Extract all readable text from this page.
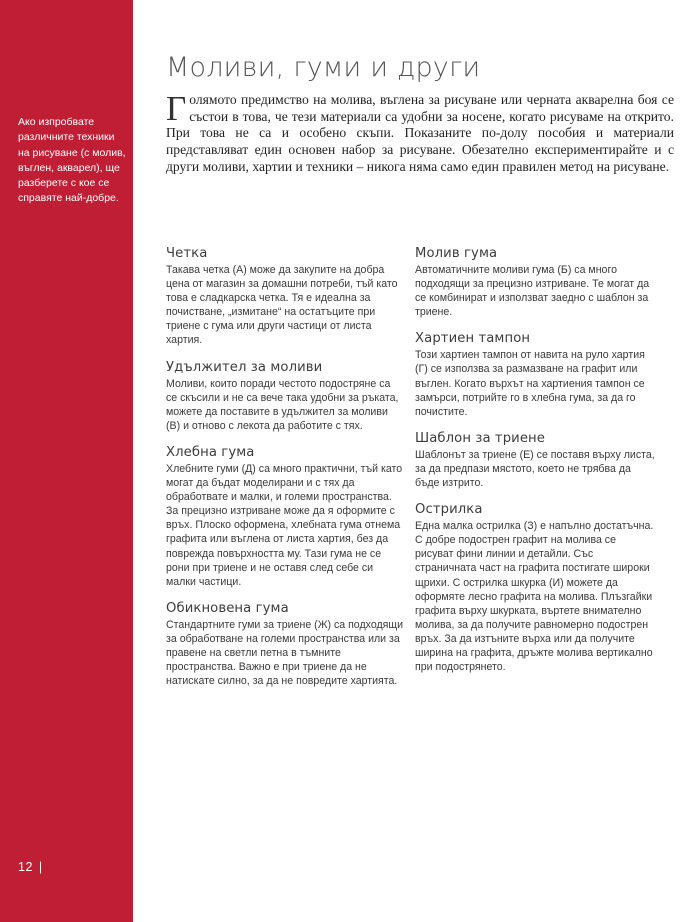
Ако изпробвате различните техники на рисуване (с молив, въглен, акварел), ще разберете с кое се справяте най-добре.
12 |
Моливи, гуми и други
Голямото предимство на молива, въглена за рисуване или черната акварелна боя се състои в това, че тези материали са удобни за носене, когато рисуваме на открито. При това не са и особено скъпи. Показаните по-долу пособия и материали представляват един основен набор за рисуване. Обезателно експериментирайте и с други моливи, хартии и техники – никога няма само един правилен метод на рисуване.
Четка

Такава четка (А) може да закупите на добра цена от магазин за домашни потреби, тъй като това е сладкарска четка. Тя е идеална за почистване, „измитане“ на остатъците при триене с гума или други частици от листа хартия.

Удължител за моливи

Моливи, които поради честото подостряне са се скъсили и не са вече така удобни за ръката, можете да поставите в удължител за моливи (В) и отново с лекота да работите с тях.

Хлебна гума

Хлебните гуми (Д) са много практични, тъй като могат да бъдат моделирани и с тях да обработвате и малки, и големи пространства. За прецизно изтриване може да я оформите с връх. Плоско оформена, хлебната гума отнема графита или въглена от листа хартия, без да поврежда повърхността му. Тази гума не се рони при триене и не оставя след себе си малки частици.

Обикновена гума

Стандартните гуми за триене (Ж) са подходящи за обработване на големи пространства или за правене на светли петна в тъмните пространства. Важно е при триене да не натискате силно, за да не повредите хартията.

Молив гума

Автоматичните моливи гума (Б) са много подходящи за прецизно изтриване. Те могат да се комбинират и използват заедно с шаблон за триене.

Хартиен тампон

Този хартиен тампон от навита на руло хартия (Г) се използва за размазване на графит или въглен. Когато върхът на хартиения тампон се замърси, потрийте го в хлебна гума, за да го почистите.

Шаблон за триене

Шаблонът за триене (Е) се поставя върху листа, за да предпази мястото, което не трябва да бъде изтрито.

Острилка

Една малка острилка (З) е напълно достатъчна. С добре подострен графит на молива се рисуват фини линии и детайли. Със страничната част на графита постигате широки щрихи. С острилка шкурка (И) можете да оформяте лесно графита на молива. Плъзгайки графита върху шкурката, въртете внимателно молива, за да получите равномерно подострен връх. За да изтъните върха или да получите ширина на графита, дръжте молива вертикално при подострянето.
